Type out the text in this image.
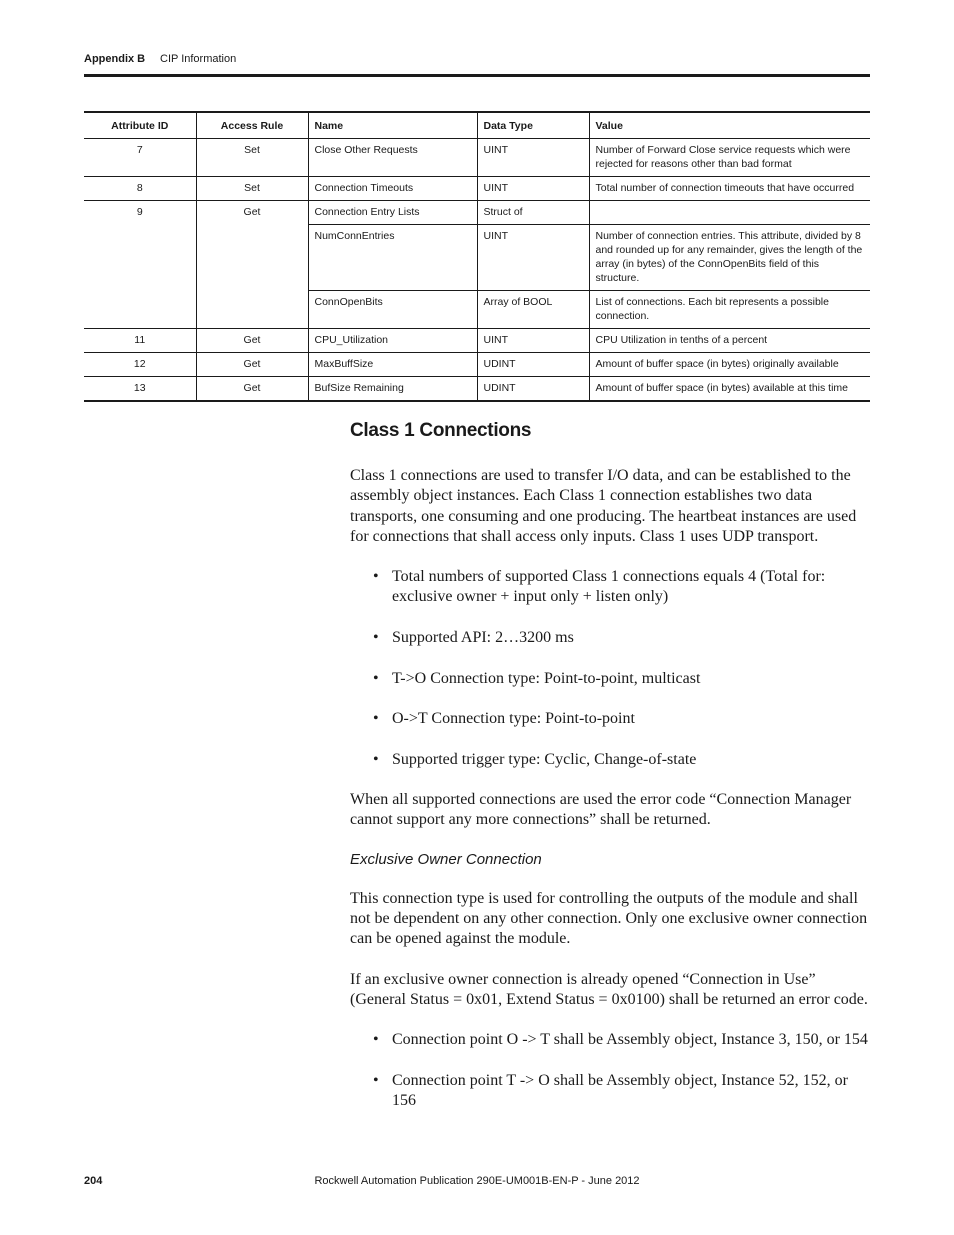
Appendix B CIP Information
Attribute ID	Access Rule	Name	Data Type	Value
7	Set	Close Other Requests	UINT	Number of Forward Close service requests which were rejected for reasons other than bad format
8	Set	Connection Timeouts	UINT	Total number of connection timeouts that have occurred
9	Get	Connection Entry Lists	Struct of	
		NumConnEntries	UINT	Number of connection entries. This attribute, divided by 8 and rounded up for any remainder, gives the length of the array (in bytes) of the ConnOpenBits field of this structure.
		ConnOpenBits	Array of BOOL	List of connections. Each bit represents a possible connection.
11	Get	CPU_Utilization	UINT	CPU Utilization in tenths of a percent
12	Get	MaxBuffSize	UDINT	Amount of buffer space (in bytes) originally available
13	Get	BufSize Remaining	UDINT	Amount of buffer space (in bytes) available at this time
Class 1 Connections

Class 1 connections are used to transfer I/O data, and can be established to the assembly object instances. Each Class 1 connection establishes two data transports, one consuming and one producing. The heartbeat instances are used for connections that shall access only inputs. Class 1 uses UDP transport.

• Total numbers of supported Class 1 connections equals 4 (Total for: exclusive owner + input only + listen only)
• Supported API: 2…3200 ms
• T->O Connection type: Point-to-point, multicast
• O->T Connection type: Point-to-point
• Supported trigger type: Cyclic, Change-of-state

When all supported connections are used the error code “Connection Manager cannot support any more connections” shall be returned.

Exclusive Owner Connection

This connection type is used for controlling the outputs of the module and shall not be dependent on any other connection. Only one exclusive owner connection can be opened against the module.

If an exclusive owner connection is already opened “Connection in Use” (General Status = 0x01, Extend Status = 0x0100) shall be returned an error code.

• Connection point O -> T shall be Assembly object, Instance 3, 150, or 154
• Connection point T -> O shall be Assembly object, Instance 52, 152, or 156
204	Rockwell Automation Publication 290E-UM001B-EN-P - June 2012
